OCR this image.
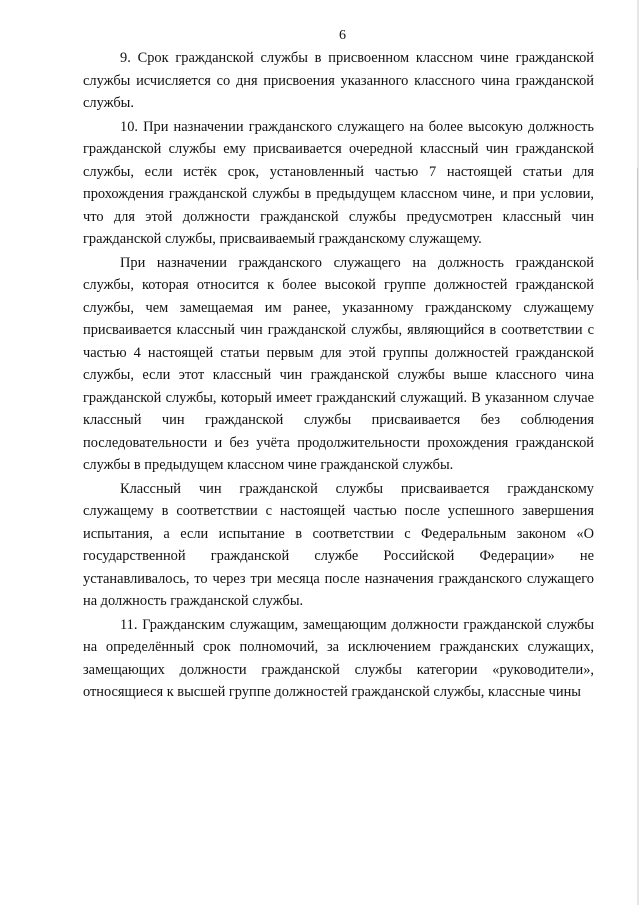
6

9. Срок гражданской службы в присвоенном классном чине гражданской службы исчисляется со дня присвоения указанного классного чина гражданской службы.

10. При назначении гражданского служащего на более высокую должность гражданской службы ему присваивается очередной классный чин гражданской службы, если истёк срок, установленный частью 7 настоящей статьи для прохождения гражданской службы в предыдущем классном чине, и при условии, что для этой должности гражданской службы предусмотрен классный чин гражданской службы, присваиваемый гражданскому служащему.

При назначении гражданского служащего на должность гражданской службы, которая относится к более высокой группе должностей гражданской службы, чем замещаемая им ранее, указанному гражданскому служащему присваивается классный чин гражданской службы, являющийся в соответствии с частью 4 настоящей статьи первым для этой группы должностей гражданской службы, если этот классный чин гражданской службы выше классного чина гражданской службы, который имеет гражданский служащий. В указанном случае классный чин гражданской службы присваивается без соблюдения последовательности и без учёта продолжительности прохождения гражданской службы в предыдущем классном чине гражданской службы.

Классный чин гражданской службы присваивается гражданскому служащему в соответствии с настоящей частью после успешного завершения испытания, а если испытание в соответствии с Федеральным законом «О государственной гражданской службе Российской Федерации» не устанавливалось, то через три месяца после назначения гражданского служащего на должность гражданской службы.

11. Гражданским служащим, замещающим должности гражданской службы на определённый срок полномочий, за исключением гражданских служащих, замещающих должности гражданской службы категории «руководители», относящиеся к высшей группе должностей гражданской службы, классные чины
